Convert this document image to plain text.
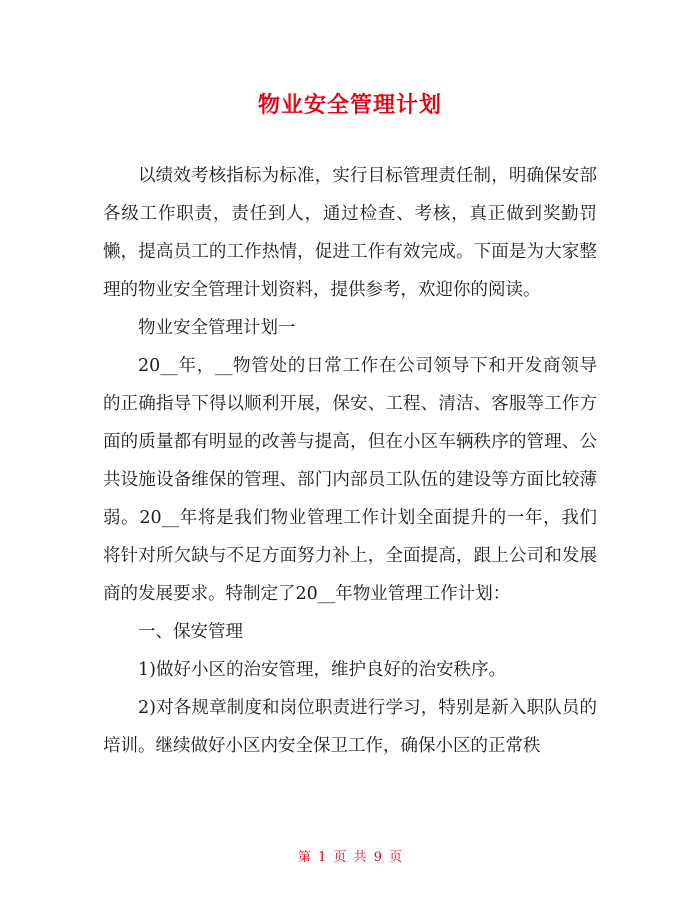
物业安全管理计划

以绩效考核指标为标准，实行目标管理责任制，明确保安部各级工作职责，责任到人，通过检查、考核，真正做到奖勤罚懒，提高员工的工作热情，促进工作有效完成。下面是为大家整理的物业安全管理计划资料，提供参考，欢迎你的阅读。

物业安全管理计划一

20__年，__物管处的日常工作在公司领导下和开发商领导的正确指导下得以顺利开展，保安、工程、清洁、客服等工作方面的质量都有明显的改善与提高，但在小区车辆秩序的管理、公共设施设备维保的管理、部门内部员工队伍的建设等方面比较薄弱。20__年将是我们物业管理工作计划全面提升的一年，我们将针对所欠缺与不足方面努力补上，全面提高，跟上公司和发展商的发展要求。特制定了20__年物业管理工作计划：

一、保安管理

1)做好小区的治安管理，维护良好的治安秩序。

2)对各规章制度和岗位职责进行学习，特别是新入职队员的培训。继续做好小区内安全保卫工作，确保小区的正常秩

第 1 页 共 9 页
